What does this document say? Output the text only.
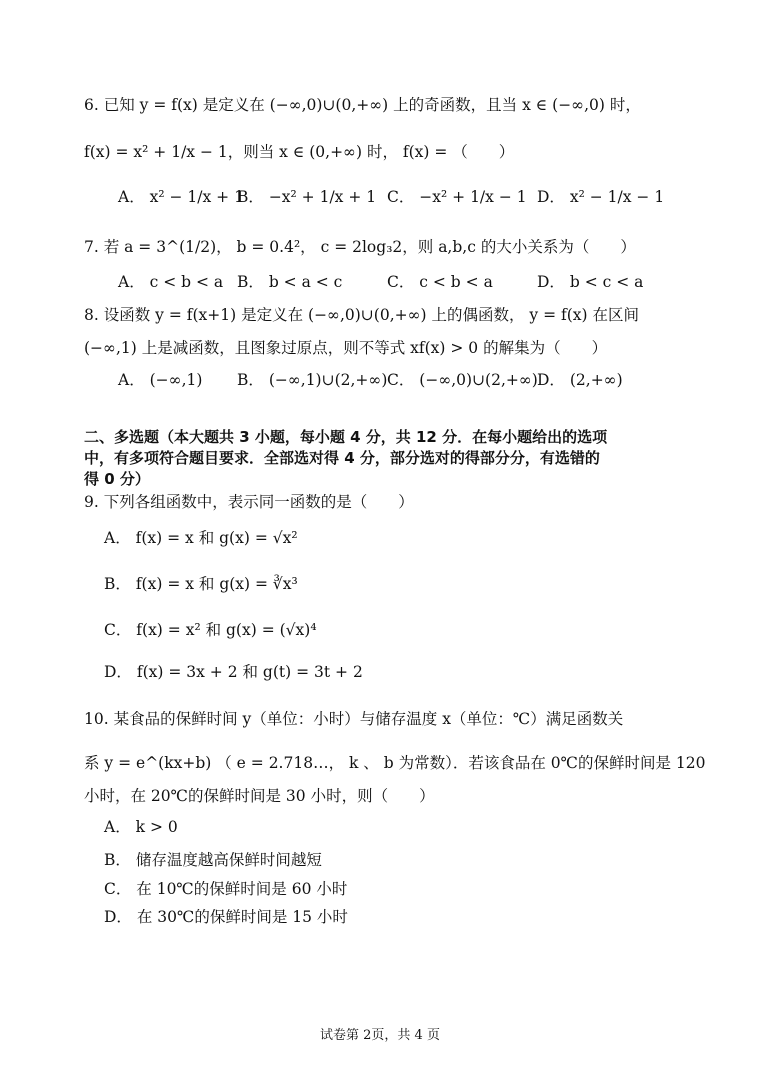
6. 已知 y = f(x) 是定义在 (−∞,0)∪(0,+∞) 上的奇函数，且当 x ∈ (−∞,0) 时，
f(x) = x² + 1/x − 1，则当 x ∈ (0,+∞) 时， f(x) = （　　）
A． x² − 1/x + 1
B． −x² + 1/x + 1 C． −x² + 1/x − 1 D． x² − 1/x − 1
7. 若 a = 3^(1/2)， b = 0.4²， c = 2log₃2，则 a,b,c 的大小关系为（　　）
A． c < b < a B． b < a < c	C． c < b < a	D． b < c < a
8. 设函数 y = f(x+1) 是定义在 (−∞,0)∪(0,+∞) 上的偶函数， y = f(x) 在区间
(−∞,1) 上是减函数，且图象过原点，则不等式 xf(x) > 0 的解集为（　　）
A． (−∞,1) B． (−∞,1)∪(2,+∞) C． (−∞,0)∪(2,+∞) D． (2,+∞)
二、多选题（本大题共 3 小题，每小题 4 分，共 12 分．在每小题给出的选项
中，有多项符合题目要求．全部选对得 4 分，部分选对的得部分分，有选错的
得 0 分）
9. 下列各组函数中，表示同一函数的是（　　）
A． f(x) = x 和 g(x) = √x²
B． f(x) = x 和 g(x) = ∛x³
C． f(x) = x² 和 g(x) = (√x)⁴
D． f(x) = 3x + 2 和 g(t) = 3t + 2
10. 某食品的保鲜时间 y（单位：小时）与储存温度 x（单位：℃）满足函数关
系 y = e^(kx+b) （ e = 2.718…， k 、 b 为常数）．若该食品在 0℃的保鲜时间是 120
小时，在 20℃的保鲜时间是 30 小时，则（　　）
A． k > 0
B． 储存温度越高保鲜时间越短
C． 在 10℃的保鲜时间是 60 小时
D． 在 30℃的保鲜时间是 15 小时
试卷第 2页，共 4 页
